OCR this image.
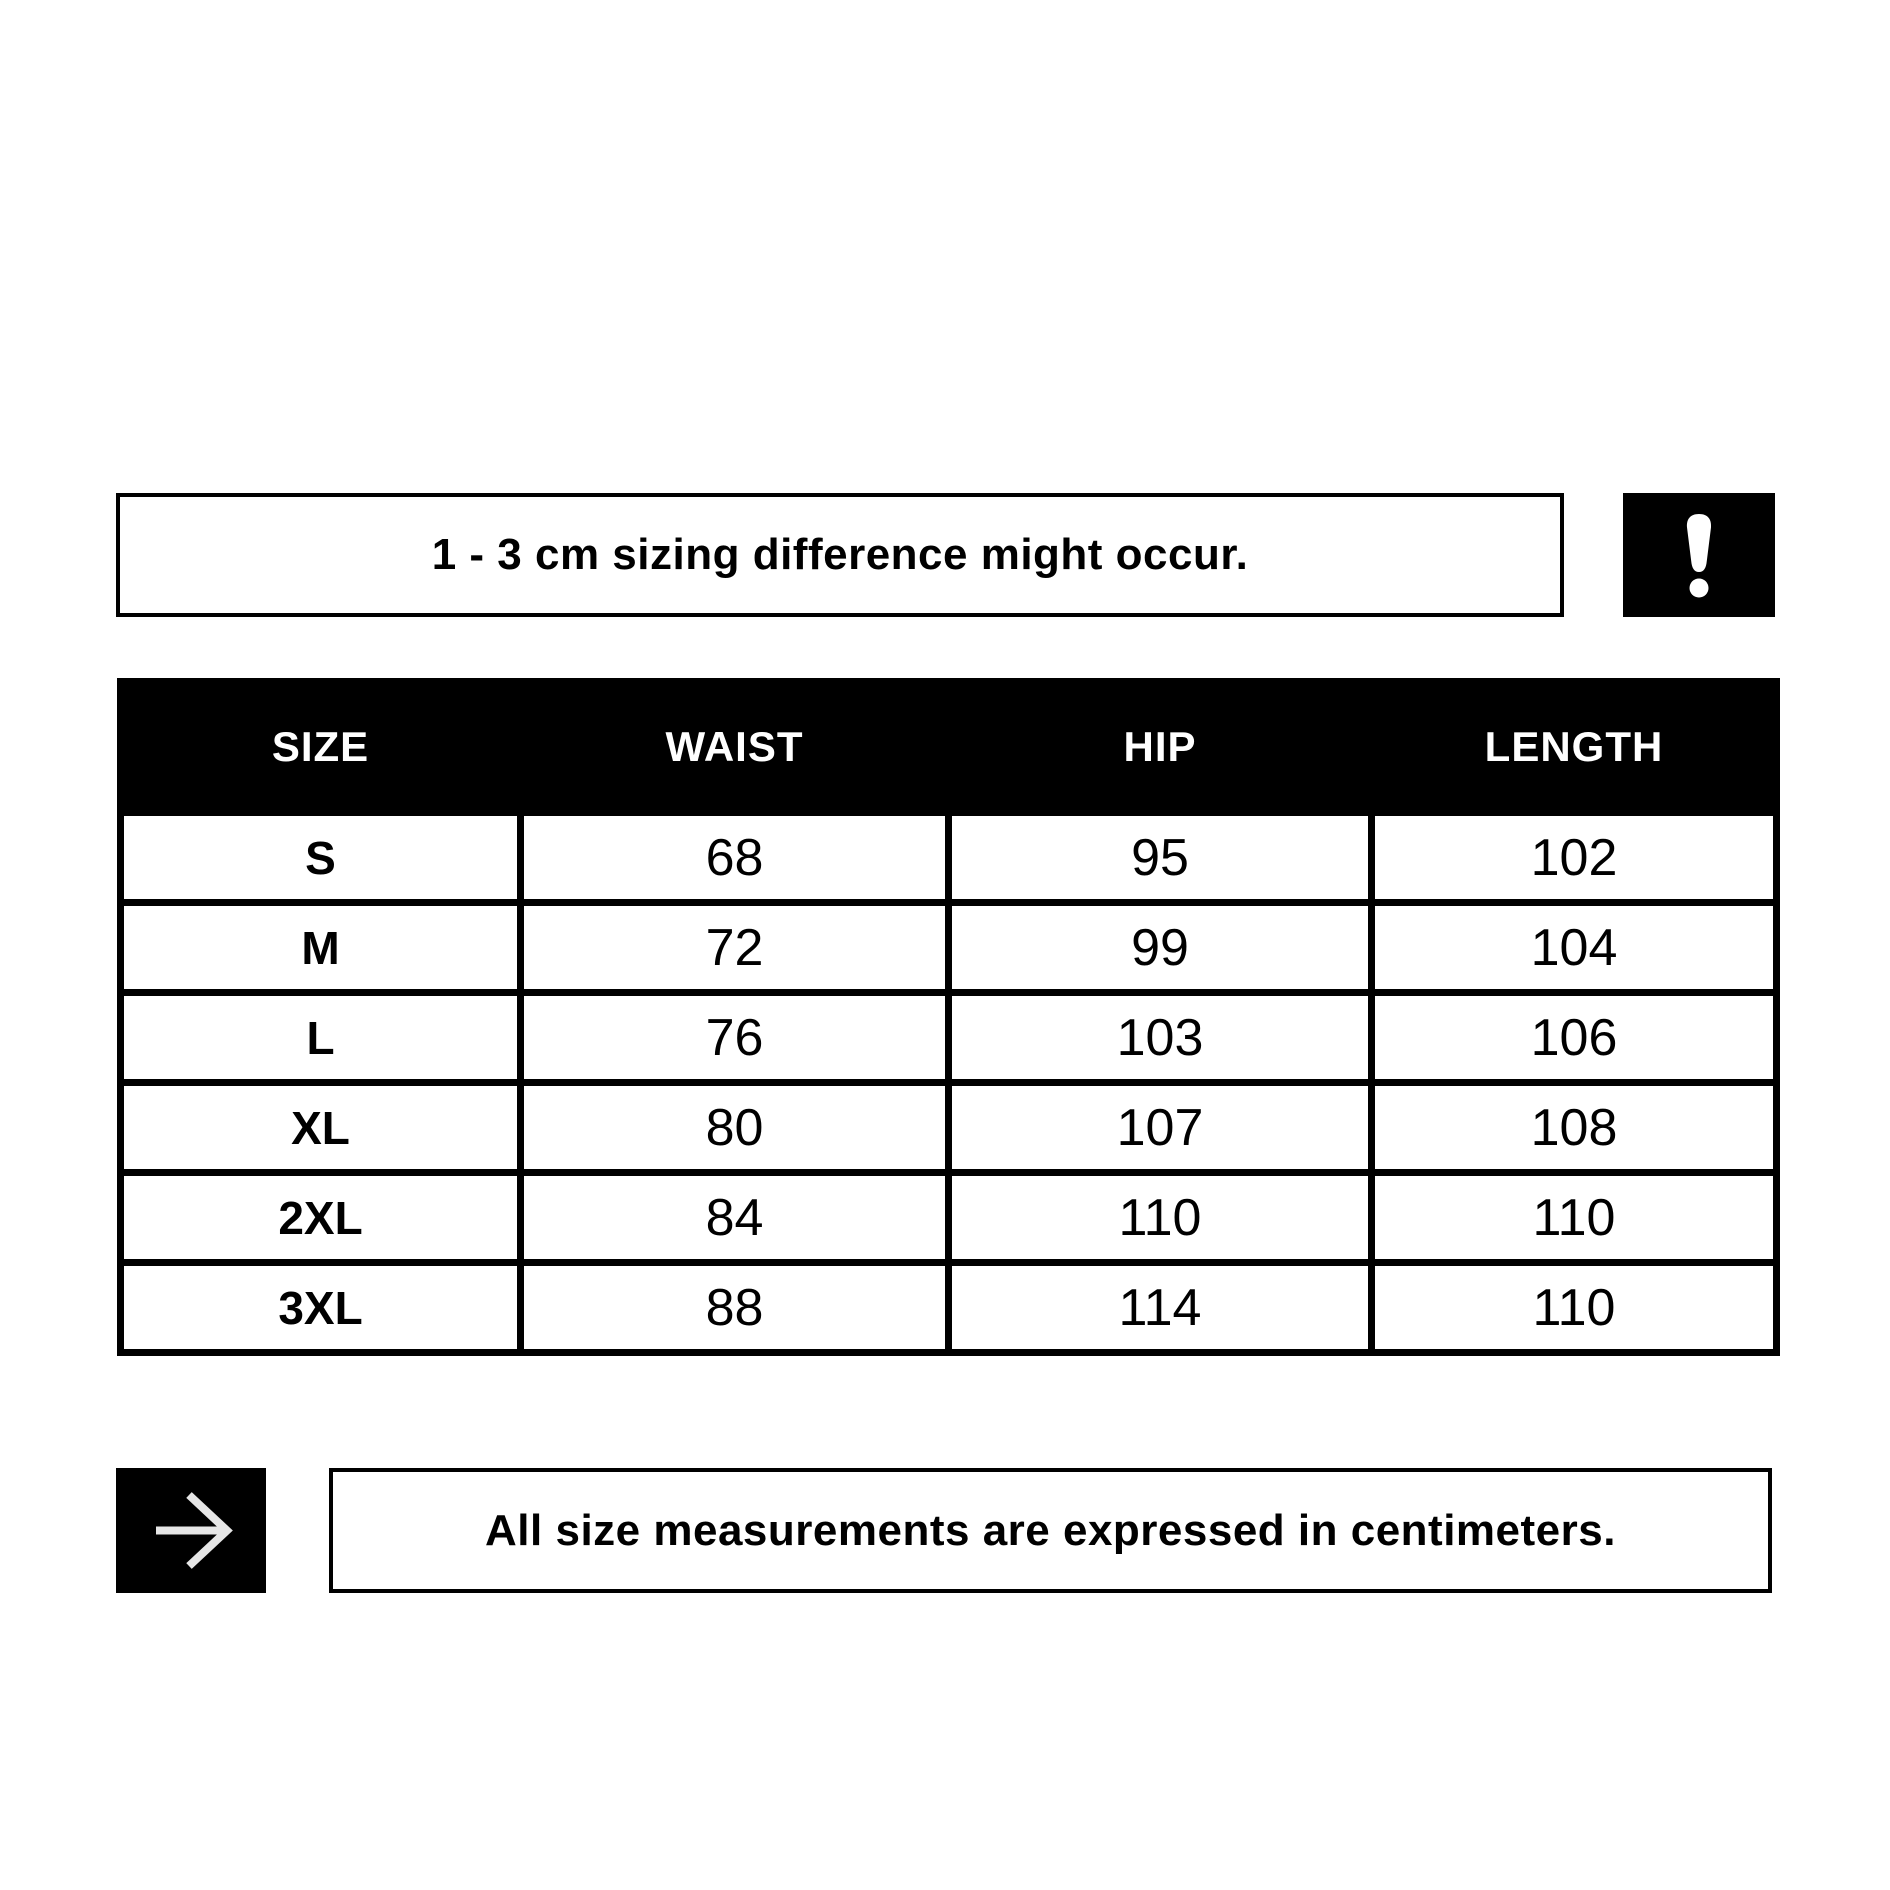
1 - 3 cm sizing difference might occur.
SIZE	WAIST	HIP	LENGTH
S	68	95	102
M	72	99	104
L	76	103	106
XL	80	107	108
2XL	84	110	110
3XL	88	114	110
All size measurements are expressed in centimeters.
